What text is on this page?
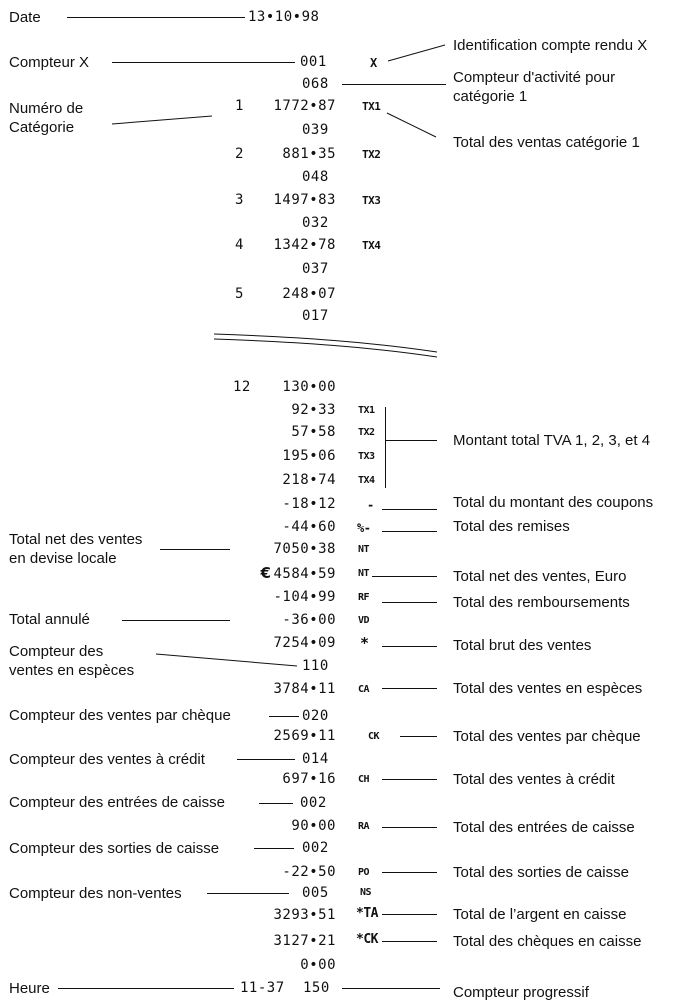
Date	13•10•98
Compteur X	001	X
Identification compte rendu X
068	Compteur d'activité pour
catégorie 1
Numéro de
Catégorie
Total des ventas catégorie 1
1	1772•87 TX1
039
2	881•35 TX2
048
3	1497•83 TX3
032
4	1342•78 TX4
037
5	248•07
017
12	130•00
92•33 TX1
57•58 TX2
195•06 TX3
218•74 TX4
Montant total TVA 1, 2, 3, et 4
-18•12	-	Total du montant des coupons
-44•60 %-	Total des remises
Total net des ventes
en devise locale
7050•38 NT
€ 4584•59 NT	Total net des ventes, Euro
-104•99 RF	Total des remboursements
Total annulé	-36•00 VD
7254•09 *	Total brut des ventes
Compteur des
ventes en espèces	110
3784•11 CA	Total des ventes en espèces
Compteur des ventes par chèque	020
2569•11	CK	Total des ventes par chèque
Compteur des ventes à crédit	014
697•16 CH	Total des ventes à crédit
Compteur des entrées de caisse	002
90•00 RA	Total des entrées de caisse
Compteur des sorties de caisse	002
-22•50 PO	Total des sorties de caisse
Compteur des non-ventes	005	NS
3293•51 *TA	Total de l’argent en caisse
3127•21 *CK	Total des chèques en caisse
0•00
Heure	11-37 150	Compteur progressif
